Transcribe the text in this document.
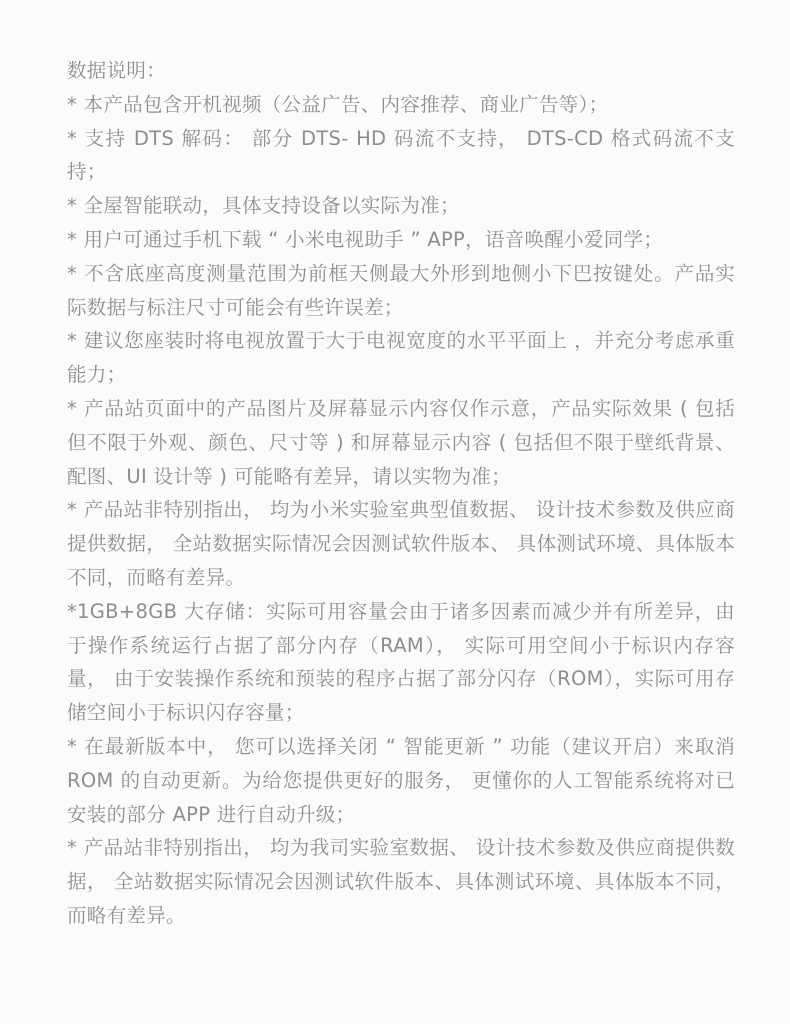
数据说明：

* 本产品包含开机视频（公益广告、内容推荐、商业广告等）；

* 支持 DTS 解码： 部分 DTS- HD 码流不支持， DTS-CD 格式码流不支持；

* 全屋智能联动，具体支持设备以实际为准；

* 用户可通过手机下载 “ 小米电视助手 ” APP，语音唤醒小爱同学；

* 不含底座高度测量范围为前框天侧最大外形到地侧小下巴按键处。产品实际数据与标注尺寸可能会有些许误差；

* 建议您座装时将电视放置于大于电视宽度的水平平面上 ，并充分考虑承重能力；

* 产品站页面中的产品图片及屏幕显示内容仅作示意，产品实际效果 ( 包括但不限于外观、颜色、尺寸等 ) 和屏幕显示内容 ( 包括但不限于壁纸背景、配图、UI 设计等 ) 可能略有差异，请以实物为准；

* 产品站非特别指出， 均为小米实验室典型值数据、 设计技术参数及供应商提供数据， 全站数据实际情况会因测试软件版本、 具体测试环境、具体版本不同，而略有差异。

*1GB+8GB 大存储：实际可用容量会由于诸多因素而减少并有所差异，由于操作系统运行占据了部分内存（RAM）， 实际可用空间小于标识内存容量， 由于安装操作系统和预装的程序占据了部分闪存（ROM），实际可用存储空间小于标识闪存容量；

* 在最新版本中， 您可以选择关闭 “ 智能更新 ” 功能（建议开启）来取消 ROM 的自动更新。为给您提供更好的服务， 更懂你的人工智能系统将对已安装的部分 APP 进行自动升级；

* 产品站非特别指出， 均为我司实验室数据、 设计技术参数及供应商提供数据， 全站数据实际情况会因测试软件版本、具体测试环境、具体版本不同，而略有差异。
